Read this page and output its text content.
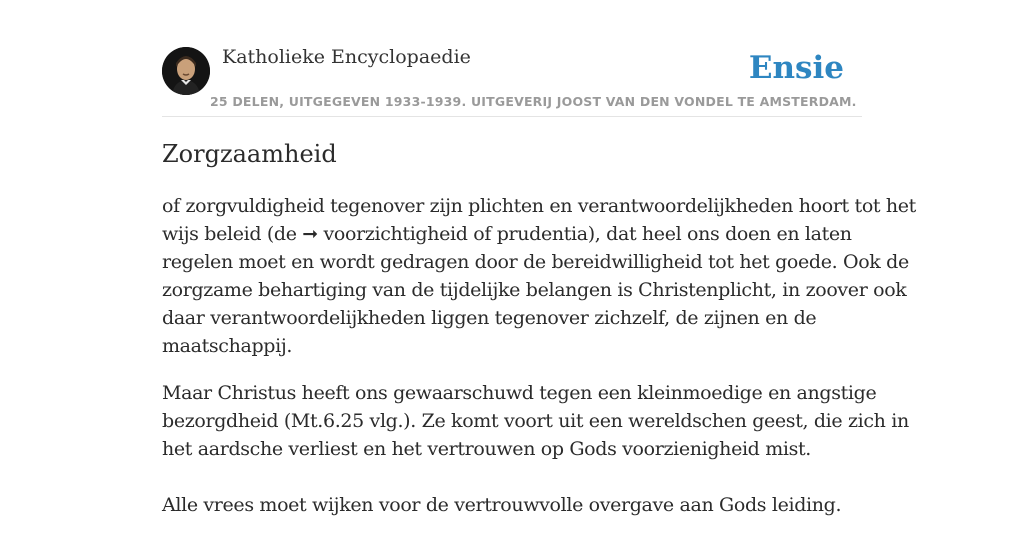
Katholieke Encyclopaedie
25 DELEN, UITGEGEVEN 1933-1939. UITGEVERIJ JOOST VAN DEN VONDEL TE AMSTERDAM.
Ensie
Zorgzaamheid

of zorgvuldigheid tegenover zijn plichten en verantwoordelijkheden hoort tot het
wijs beleid (de ➞ voorzichtigheid of prudentia), dat heel ons doen en laten
regelen moet en wordt gedragen door de bereidwilligheid tot het goede. Ook de
zorgzame behartiging van de tijdelijke belangen is Christenplicht, in zoover ook
daar verantwoordelijkheden liggen tegenover zichzelf, de zijnen en de
maatschappij.

Maar Christus heeft ons gewaarschuwd tegen een kleinmoedige en angstige
bezorgdheid (Mt.6.25 vlg.). Ze komt voort uit een wereldschen geest, die zich in
het aardsche verliest en het vertrouwen op Gods voorzienigheid mist.

Alle vrees moet wijken voor de vertrouwvolle overgave aan Gods leiding.
